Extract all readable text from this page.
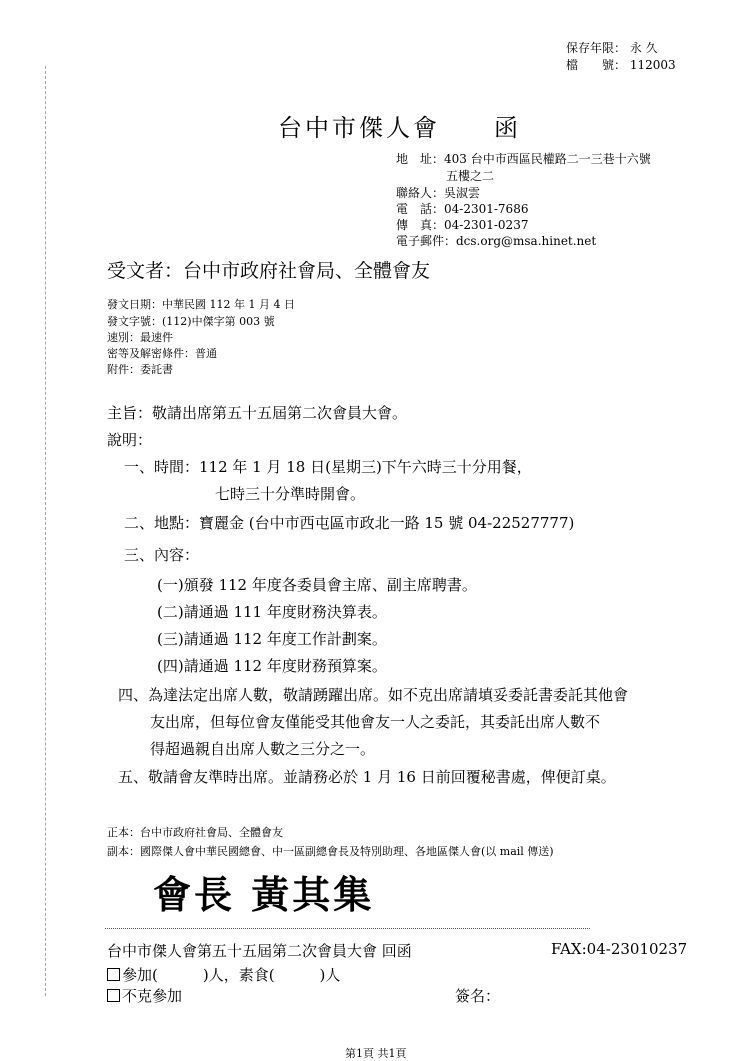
保存年限： 永 久
檔　　號： 112003
台中市傑人會　　函
地　址：403 台中市西區民權路二一三巷十六號
五樓之二
聯絡人：吳淑雲
電　話：04-2301-7686
傳　真：04-2301-0237
電子郵件：dcs.org@msa.hinet.net
受文者：台中市政府社會局、全體會友
發文日期：中華民國 112 年 1 月 4 日
發文字號：(112)中傑字第 003 號
速別：最速件
密等及解密條件：普通
附件：委託書
主旨：敬請出席第五十五屆第二次會員大會。
說明：
一、時間：112 年 1 月 18 日(星期三)下午六時三十分用餐，
七時三十分準時開會。
二、地點：寶麗金 (台中市西屯區市政北一路 15 號 04-22527777)
三、內容：
(一)頒發 112 年度各委員會主席、副主席聘書。
(二)請通過 111 年度財務決算表。
(三)請通過 112 年度工作計劃案。
(四)請通過 112 年度財務預算案。
四、為達法定出席人數，敬請踴躍出席。如不克出席請填妥委託書委託其他會
友出席，但每位會友僅能受其他會友一人之委託，其委託出席人數不
得超過親自出席人數之三分之一。
五、敬請會友準時出席。並請務必於 1 月 16 日前回覆秘書處，俾便訂桌。
正本：台中市政府社會局、全體會友
副本：國際傑人會中華民國總會、中一區副總會長及特別助理、各地區傑人會(以 mail 傳送)
會長 黃其集
台中市傑人會第五十五屆第二次會員大會 回函	FAX:04-23010237
參加(　　　)人，素食(　　　)人
不克參加	簽名：
第1頁 共1頁
